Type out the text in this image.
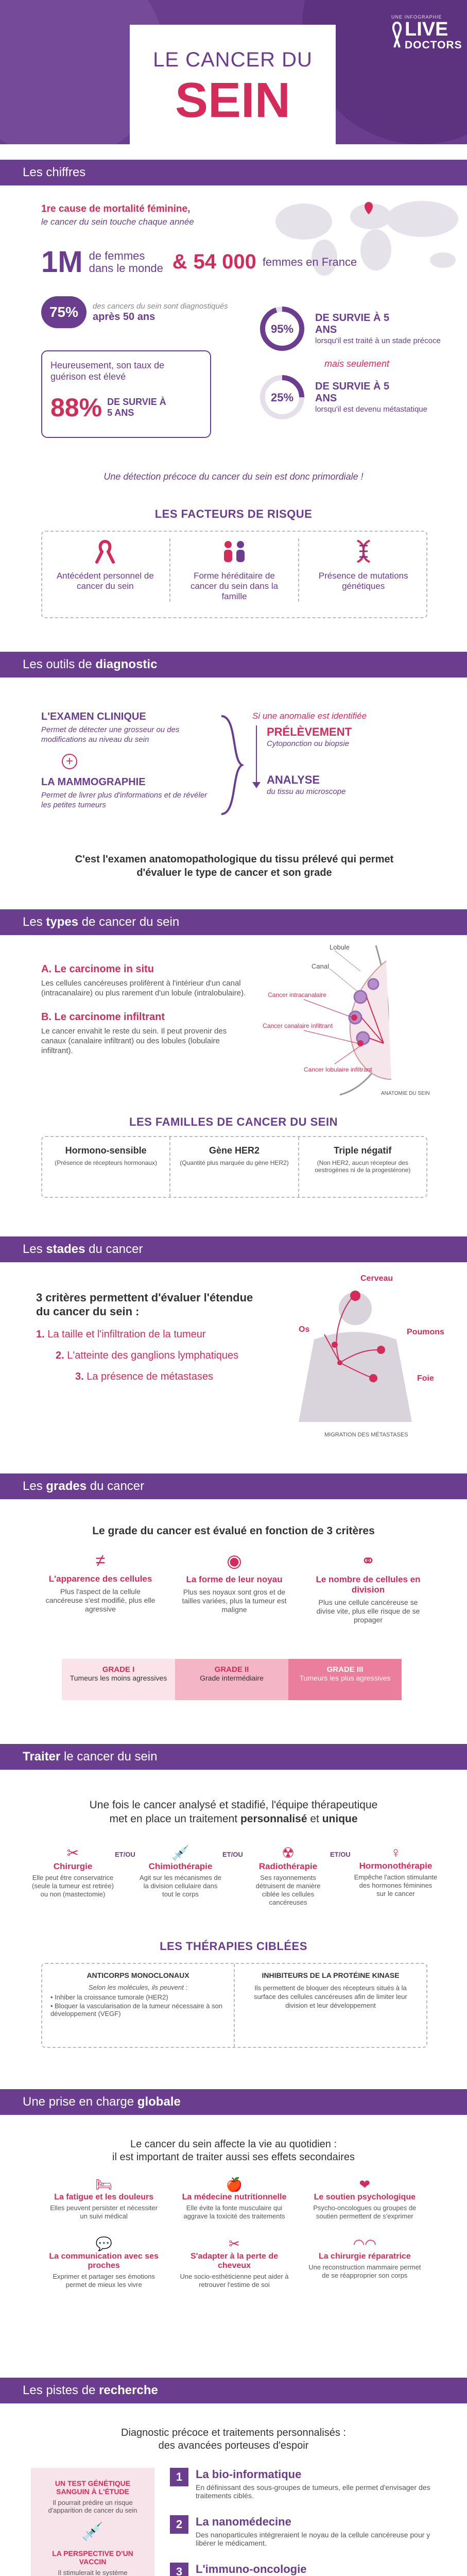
LE CANCER DU
SEIN
UNE INFOGRAPHIE
LIVE
DOCTORS
Les chiffres
1re cause de mortalité féminine,
le cancer du sein touche chaque année
1M de femmes dans le monde & 54 000 femmes en France
75%	des cancers du sein sont diagnostiqués
après 50 ans
Heureusement, son taux de guérison est élevé
88% DE SURVIE À 5 ANS
95%
DE SURVIE À 5 ANS
lorsqu'il est traité à un stade précoce
mais seulement
25%
DE SURVIE À 5 ANS
lorsqu'il est devenu métastatique
Une détection précoce du cancer du sein est donc primordiale !
LES FACTEURS DE RISQUE
Antécédent personnel de cancer du sein
Forme héréditaire de cancer du sein dans la famille
Présence de mutations génétiques
Les outils de diagnostic
L'EXAMEN CLINIQUE
Permet de détecter une grosseur ou des modifications au niveau du sein
+
LA MAMMOGRAPHIE
Permet de livrer plus d'informations et de révéler les petites tumeurs
Si une anomalie est identifiée
PRÉLÈVEMENT
Cytoponction ou biopsie
ANALYSE
du tissu au microscope
C'est l'examen anatomopathologique du tissu prélevé qui permet d'évaluer le type de cancer et son grade
Les types de cancer du sein
A. Le carcinome in situ
Les cellules cancéreuses prolifèrent à l'intérieur d'un canal (intracanalaire) ou plus rarement d'un lobule (intralobulaire).
B. Le carcinome infiltrant
Le cancer envahit le reste du sein. Il peut provenir des canaux (canalaire infiltrant) ou des lobules (lobulaire infiltrant).
Lobule
Canal
Cancer intracanalaire
Cancer canalaire infiltrant
Cancer lobulaire infiltrant
ANATOMIE DU SEIN
LES FAMILLES DE CANCER DU SEIN
Hormono-sensible
(Présence de récepteurs hormonaux)
Gène HER2
(Quantité plus marquée du gène HER2)
Triple négatif
(Non HER2, aucun récepteur des oestrogènes ni de la progestérone)
Les stades du cancer
3 critères permettent d'évaluer l'étendue du cancer du sein :
1. La taille et l'infiltration de la tumeur
2. L'atteinte des ganglions lymphatiques
3. La présence de métastases
Cerveau
Os	Poumons
Foie
MIGRATION DES MÉTASTASES
Les grades du cancer
Le grade du cancer est évalué en fonction de 3 critères
≠
L'apparence des cellules
Plus l'aspect de la cellule cancéreuse s'est modifié, plus elle agressive
◉
La forme de leur noyau
Plus ses noyaux sont gros et de tailles variées, plus la tumeur est maligne
⚭
Le nombre de cellules en division
Plus une cellule cancéreuse se divise vite, plus elle risque de se propager
GRADE I
Tumeurs les moins agressives
GRADE II
Grade intermédiaire
GRADE III
Tumeurs les plus agressives
Traiter le cancer du sein
Une fois le cancer analysé et stadifié, l'équipe thérapeutique
met en place un traitement personnalisé et unique
✂
Chirurgie
Elle peut être conservatrice (seule la tumeur est retirée) ou non (mastectomie)
ET/OU	💉
Chimiothérapie
Agit sur les mécanismes de la division cellulaire dans tout le corps
ET/OU	☢
Radiothérapie
Ses rayonnements détruisent de manière ciblée les cellules cancéreuses
ET/OU	♀
Hormonothérapie
Empêche l'action stimulante des hormones féminines sur le cancer
LES THÉRAPIES CIBLÉES
ANTICORPS MONOCLONAUX
Selon les molécules, ils peuvent :
• Inhiber la croissance tumorale (HER2)
• Bloquer la vascularisation de la tumeur nécessaire à son développement (VEGF)
INHIBITEURS DE LA PROTÉINE KINASE
Ils permettent de bloquer des récepteurs situés à la surface des cellules cancéreuses afin de limiter leur division et leur développement
Une prise en charge globale
Le cancer du sein affecte la vie au quotidien :
il est important de traiter aussi ses effets secondaires
🛏
La fatigue et les douleurs
Elles peuvent persister et nécessiter un suivi médical
🍎
La médecine nutritionnelle
Elle évite la fonte musculaire qui aggrave la toxicité des traitements
❤
Le soutien psychologique
Psycho-oncologues ou groupes de soutien permettent de s'exprimer
💬
La communication avec ses proches
Exprimer et partager ses émotions permet de mieux les vivre
✂
S'adapter à la perte de cheveux
Une socio-esthéticienne peut aider à retrouver l'estime de soi
◠◠
La chirurgie réparatrice
Une reconstruction mammaire permet de se réapproprier son corps
Les pistes de recherche
Diagnostic précoce et traitements personnalisés :
des avancées porteuses d'espoir
UN TEST GÉNÉTIQUE SANGUIN À L'ÉTUDE
Il pourrait prédire un risque d'apparition de cancer du sein
💉
LA PERSPECTIVE D'UN VACCIN
Il stimulerait le système
1	La bio-informatique
En définissant des sous-groupes de tumeurs, elle permet d'envisager des traitements ciblés.
2	La nanomédecine
Des nanoparticules intégreraient le noyau de la cellule cancéreuse pour y libérer le médicament.
3	L'immuno-oncologie
